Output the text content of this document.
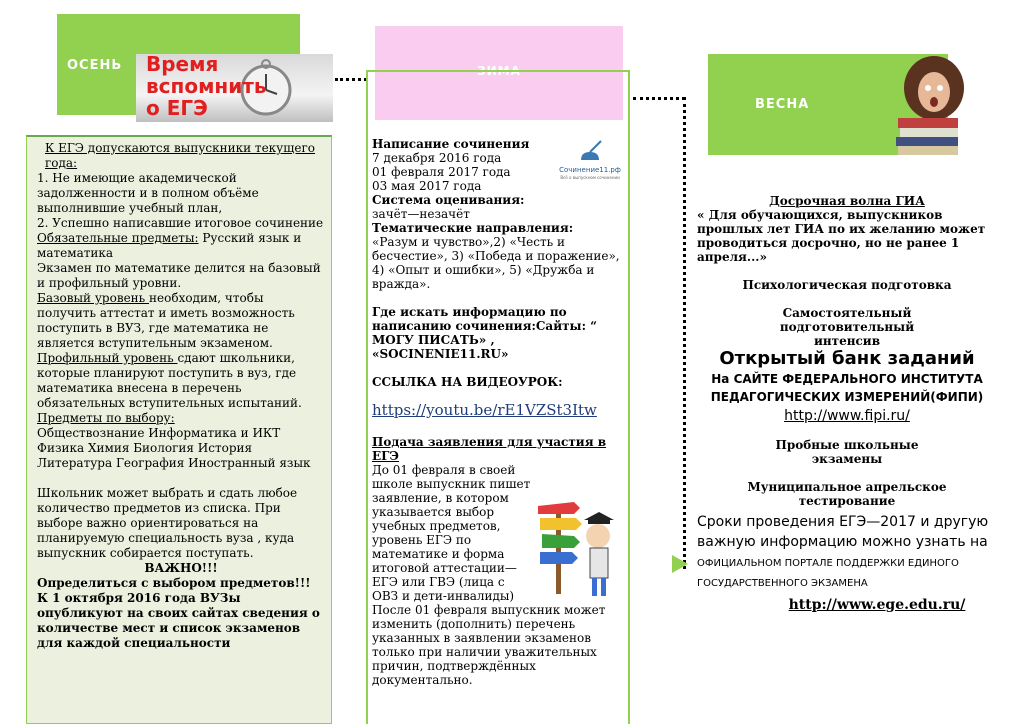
ОСЕНЬ Время
вспомнить
о ЕГЭ
ЗИМА
ВЕСНА

К ЕГЭ допускаются выпускники текущего года:

1. Не имеющие академической задолженности и в полном объёме выполнившие учебный план,

2. Успешно написавшие итоговое сочинение

Обязательные предметы: Русский язык и математика

Экзамен по математике делится на базовый и профильный уровни.

Базовый уровень необходим, чтобы получить аттестат и иметь возможность поступить в ВУЗ, где математика не является вступительным экзаменом. Профильный уровень сдают школьники, которые планируют поступить в вуз, где математика внесена в перечень обязательных вступительных испытаний.

Предметы по выбору:

Обществознание Информатика и ИКТ

Физика Химия Биология История

Литература География Иностранный язык

Школьник может выбрать и сдать любое количество предметов из списка. При выборе важно ориентироваться на планируемую специальность вуза , куда выпускник собирается поступать.

ВАЖНО!!!

Определиться с выбором предметов!!!

К 1 октября 2016 года ВУЗы опубликуют на своих сайтах сведения о количестве мест и список экзаменов для каждой специальности

Написание сочинения

7 декабря 2016 года

01 февраля 2017 года

03 мая 2017 года

Система оценивания:

зачёт—незачёт

Тематические направления:

«Разум и чувство»,2) «Честь и бесчестие», 3) «Победа и поражение», 4) «Опыт и ошибки», 5) «Дружба и вражда».

Где искать информацию по написанию сочинения:Сайты: “ МОГУ ПИСАТЬ» , «SOCINENIE11.RU»

ССЫЛКА НА ВИДЕОУРОК:

https://youtu.be/rE1VZSt3Itw

Подача заявления для участия в ЕГЭ

До 01 февраля в своей школе выпускник пишет заявление, в котором указывается выбор учебных предметов, уровень ЕГЭ по математике и форма итоговой аттестации—ЕГЭ или ГВЭ (лица с ОВЗ и дети-инвалиды)

После 01 февраля выпускник может изменить (дополнить) перечень указанных в заявлении экзаменов только при наличии уважительных причин, подтверждённых документально.

Сочинение11.рф
Всё о выпускном сочинении

Досрочная волна ГИА

« Для обучающихся, выпускников прошлых лет ГИА по их желанию может проводиться досрочно, но не ранее 1 апреля...»

Психологическая подготовка

Самостоятельный подготовительный интенсив

Открытый банк заданий

На САЙТЕ ФЕДЕРАЛЬНОГО ИНСТИТУТА ПЕДАГОГИЧЕСКИХ ИЗМЕРЕНИЙ(ФИПИ)

http://www.fipi.ru/

Пробные школьные экзамены

Муниципальное апрельское тестирование

Сроки проведения ЕГЭ—2017 и другую важную информацию можно узнать на ОФИЦИАЛЬНОМ ПОРТАЛЕ ПОДДЕРЖКИ ЕДИНОГО ГОСУДАРСТВЕННОГО ЭКЗАМЕНА

http://www.ege.edu.ru/
